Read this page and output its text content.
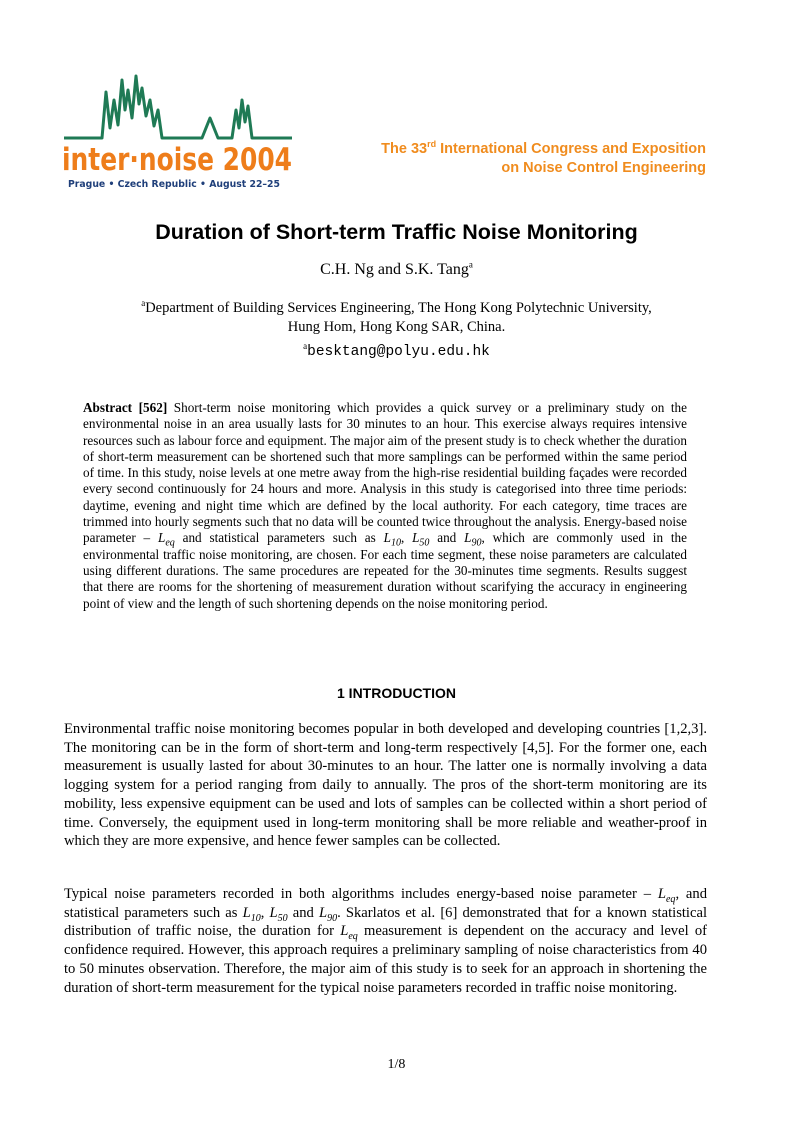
inter·noise 2004
Prague • Czech Republic • August 22–25
The 33rd International Congress and Exposition
on Noise Control Engineering
Duration of Short-term Traffic Noise Monitoring
C.H. Ng and S.K. Tang$^a$
$^a$Department of Building Services Engineering, The Hong Kong Polytechnic University,
Hung Hom, Hong Kong SAR, China.
$^a$besktang@polyu.edu.hk
Abstract [562] Short-term noise monitoring which provides a quick survey or a preliminary study on the environmental noise in an area usually lasts for 30 minutes to an hour. This exercise always requires intensive resources such as labour force and equipment. The major aim of the present study is to check whether the duration of short-term measurement can be shortened such that more samplings can be performed within the same period of time. In this study, noise levels at one metre away from the high-rise residential building façades were recorded every second continuously for 24 hours and more. Analysis in this study is categorised into three time periods: daytime, evening and night time which are defined by the local authority. For each category, time traces are trimmed into hourly segments such that no data will be counted twice throughout the analysis. Energy-based noise parameter – $L_{eq}$ and statistical parameters such as $L_{10}$, $L_{50}$ and $L_{90}$, which are commonly used in the environmental traffic noise monitoring, are chosen. For each time segment, these noise parameters are calculated using different durations. The same procedures are repeated for the 30-minutes time segments. Results suggest that there are rooms for the shortening of measurement duration without scarifying the accuracy in engineering point of view and the length of such shortening depends on the noise monitoring period.
1 INTRODUCTION
Environmental traffic noise monitoring becomes popular in both developed and developing countries [1,2,3]. The monitoring can be in the form of short-term and long-term respectively [4,5]. For the former one, each measurement is usually lasted for about 30-minutes to an hour. The latter one is normally involving a data logging system for a period ranging from daily to annually. The pros of the short-term monitoring are its mobility, less expensive equipment can be used and lots of samples can be collected within a short period of time. Conversely, the equipment used in long-term monitoring shall be more reliable and weather-proof in which they are more expensive, and hence fewer samples can be collected.
Typical noise parameters recorded in both algorithms includes energy-based noise parameter – $L_{eq}$, and statistical parameters such as $L_{10}$, $L_{50}$ and $L_{90}$. Skarlatos et al. [6] demonstrated that for a known statistical distribution of traffic noise, the duration for $L_{eq}$ measurement is dependent on the accuracy and level of confidence required. However, this approach requires a preliminary sampling of noise characteristics from 40 to 50 minutes observation. Therefore, the major aim of this study is to seek for an approach in shortening the duration of short-term measurement for the typical noise parameters recorded in traffic noise monitoring.
1/8
